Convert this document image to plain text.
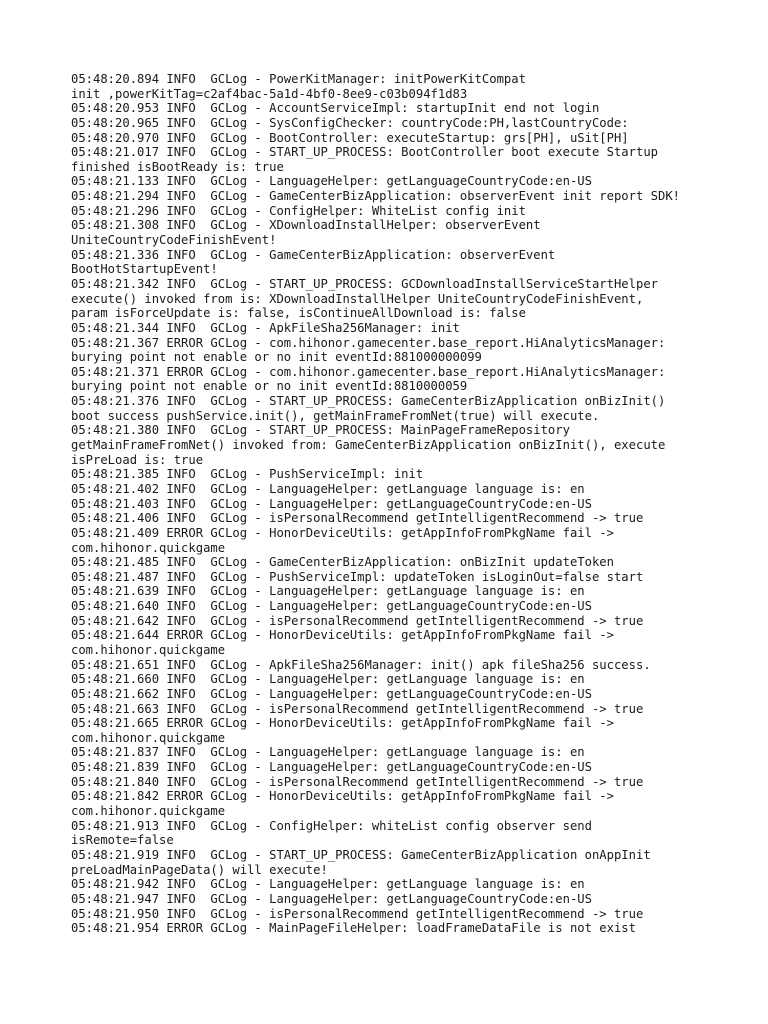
05:48:20.894 INFO  GCLog - PowerKitManager: initPowerKitCompat
init ,powerKitTag=c2af4bac-5a1d-4bf0-8ee9-c03b094f1d83
05:48:20.953 INFO  GCLog - AccountServiceImpl: startupInit end not login
05:48:20.965 INFO  GCLog - SysConfigChecker: countryCode:PH,lastCountryCode:
05:48:20.970 INFO  GCLog - BootController: executeStartup: grs[PH], uSit[PH]
05:48:21.017 INFO  GCLog - START_UP_PROCESS: BootController boot execute Startup
finished isBootReady is: true
05:48:21.133 INFO  GCLog - LanguageHelper: getLanguageCountryCode:en-US
05:48:21.294 INFO  GCLog - GameCenterBizApplication: observerEvent init report SDK!
05:48:21.296 INFO  GCLog - ConfigHelper: WhiteList config init
05:48:21.308 INFO  GCLog - XDownloadInstallHelper: observerEvent
UniteCountryCodeFinishEvent!
05:48:21.336 INFO  GCLog - GameCenterBizApplication: observerEvent
BootHotStartupEvent!
05:48:21.342 INFO  GCLog - START_UP_PROCESS: GCDownloadInstallServiceStartHelper
execute() invoked from is: XDownloadInstallHelper UniteCountryCodeFinishEvent,
param isForceUpdate is: false, isContinueAllDownload is: false
05:48:21.344 INFO  GCLog - ApkFileSha256Manager: init
05:48:21.367 ERROR GCLog - com.hihonor.gamecenter.base_report.HiAnalyticsManager:
burying point not enable or no init eventId:881000000099
05:48:21.371 ERROR GCLog - com.hihonor.gamecenter.base_report.HiAnalyticsManager:
burying point not enable or no init eventId:8810000059
05:48:21.376 INFO  GCLog - START_UP_PROCESS: GameCenterBizApplication onBizInit()
boot success pushService.init(), getMainFrameFromNet(true) will execute.
05:48:21.380 INFO  GCLog - START_UP_PROCESS: MainPageFrameRepository
getMainFrameFromNet() invoked from: GameCenterBizApplication onBizInit(), execute
isPreLoad is: true
05:48:21.385 INFO  GCLog - PushServiceImpl: init
05:48:21.402 INFO  GCLog - LanguageHelper: getLanguage language is: en
05:48:21.403 INFO  GCLog - LanguageHelper: getLanguageCountryCode:en-US
05:48:21.406 INFO  GCLog - isPersonalRecommend getIntelligentRecommend -> true
05:48:21.409 ERROR GCLog - HonorDeviceUtils: getAppInfoFromPkgName fail ->
com.hihonor.quickgame
05:48:21.485 INFO  GCLog - GameCenterBizApplication: onBizInit updateToken
05:48:21.487 INFO  GCLog - PushServiceImpl: updateToken isLoginOut=false start
05:48:21.639 INFO  GCLog - LanguageHelper: getLanguage language is: en
05:48:21.640 INFO  GCLog - LanguageHelper: getLanguageCountryCode:en-US
05:48:21.642 INFO  GCLog - isPersonalRecommend getIntelligentRecommend -> true
05:48:21.644 ERROR GCLog - HonorDeviceUtils: getAppInfoFromPkgName fail ->
com.hihonor.quickgame
05:48:21.651 INFO  GCLog - ApkFileSha256Manager: init() apk fileSha256 success.
05:48:21.660 INFO  GCLog - LanguageHelper: getLanguage language is: en
05:48:21.662 INFO  GCLog - LanguageHelper: getLanguageCountryCode:en-US
05:48:21.663 INFO  GCLog - isPersonalRecommend getIntelligentRecommend -> true
05:48:21.665 ERROR GCLog - HonorDeviceUtils: getAppInfoFromPkgName fail ->
com.hihonor.quickgame
05:48:21.837 INFO  GCLog - LanguageHelper: getLanguage language is: en
05:48:21.839 INFO  GCLog - LanguageHelper: getLanguageCountryCode:en-US
05:48:21.840 INFO  GCLog - isPersonalRecommend getIntelligentRecommend -> true
05:48:21.842 ERROR GCLog - HonorDeviceUtils: getAppInfoFromPkgName fail ->
com.hihonor.quickgame
05:48:21.913 INFO  GCLog - ConfigHelper: whiteList config observer send
isRemote=false
05:48:21.919 INFO  GCLog - START_UP_PROCESS: GameCenterBizApplication onAppInit
preLoadMainPageData() will execute!
05:48:21.942 INFO  GCLog - LanguageHelper: getLanguage language is: en
05:48:21.947 INFO  GCLog - LanguageHelper: getLanguageCountryCode:en-US
05:48:21.950 INFO  GCLog - isPersonalRecommend getIntelligentRecommend -> true
05:48:21.954 ERROR GCLog - MainPageFileHelper: loadFrameDataFile is not exist
